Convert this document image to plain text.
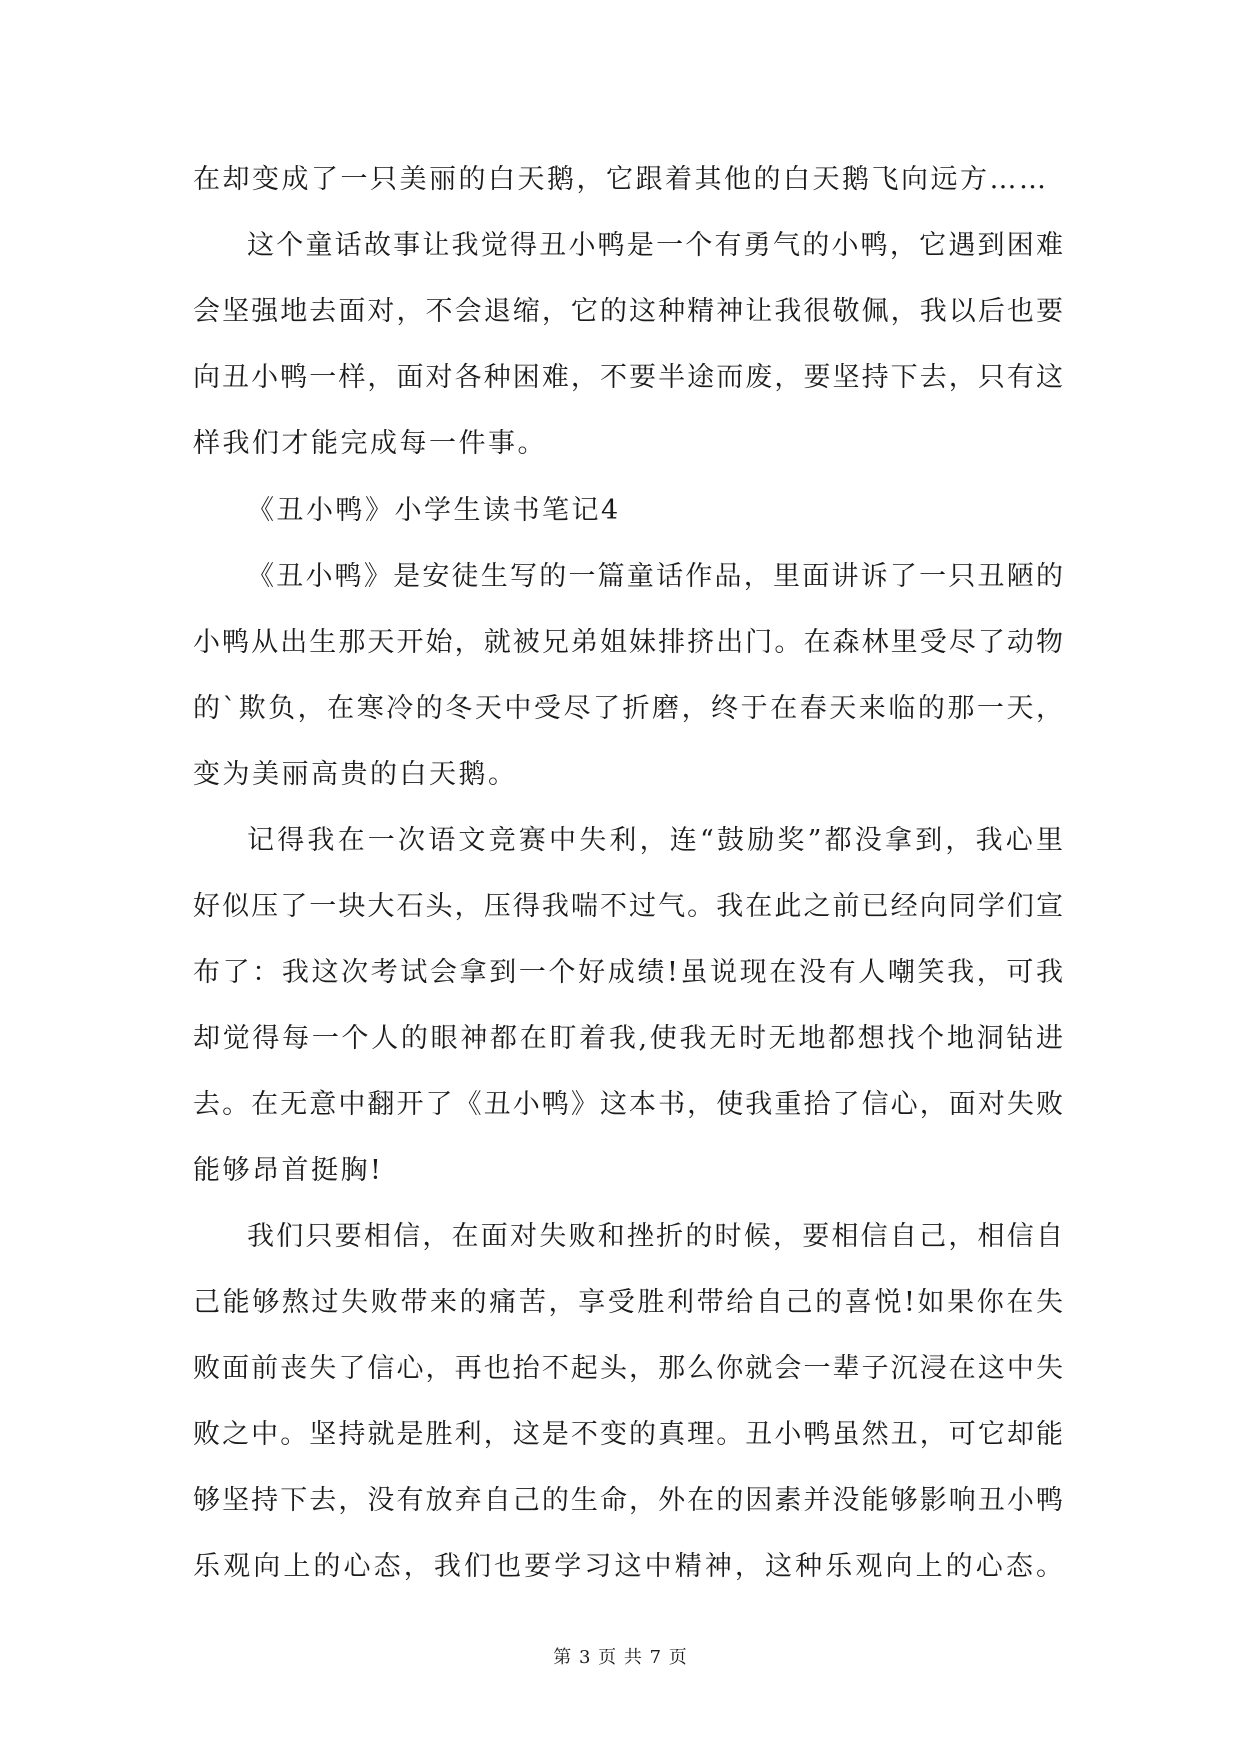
在却变成了一只美丽的白天鹅，它跟着其他的白天鹅飞向远方……
这个童话故事让我觉得丑小鸭是一个有勇气的小鸭，它遇到困难
会坚强地去面对，不会退缩，它的这种精神让我很敬佩，我以后也要
向丑小鸭一样，面对各种困难，不要半途而废，要坚持下去，只有这
样我们才能完成每一件事。
《丑小鸭》小学生读书笔记4
《丑小鸭》是安徒生写的一篇童话作品，里面讲诉了一只丑陋的
小鸭从出生那天开始，就被兄弟姐妹排挤出门。在森林里受尽了动物
的`欺负，在寒冷的冬天中受尽了折磨，终于在春天来临的那一天，
变为美丽高贵的白天鹅。
记得我在一次语文竞赛中失利，连“鼓励奖”都没拿到，我心里
好似压了一块大石头，压得我喘不过气。我在此之前已经向同学们宣
布了：我这次考试会拿到一个好成绩!虽说现在没有人嘲笑我，可我
却觉得每一个人的眼神都在盯着我,使我无时无地都想找个地洞钻进
去。在无意中翻开了《丑小鸭》这本书，使我重拾了信心，面对失败
能够昂首挺胸!
我们只要相信，在面对失败和挫折的时候，要相信自己，相信自
己能够熬过失败带来的痛苦，享受胜利带给自己的喜悦!如果你在失
败面前丧失了信心，再也抬不起头，那么你就会一辈子沉浸在这中失
败之中。坚持就是胜利，这是不变的真理。丑小鸭虽然丑，可它却能
够坚持下去，没有放弃自己的生命，外在的因素并没能够影响丑小鸭
乐观向上的心态，我们也要学习这中精神，这种乐观向上的心态。
第 3 页 共 7 页
